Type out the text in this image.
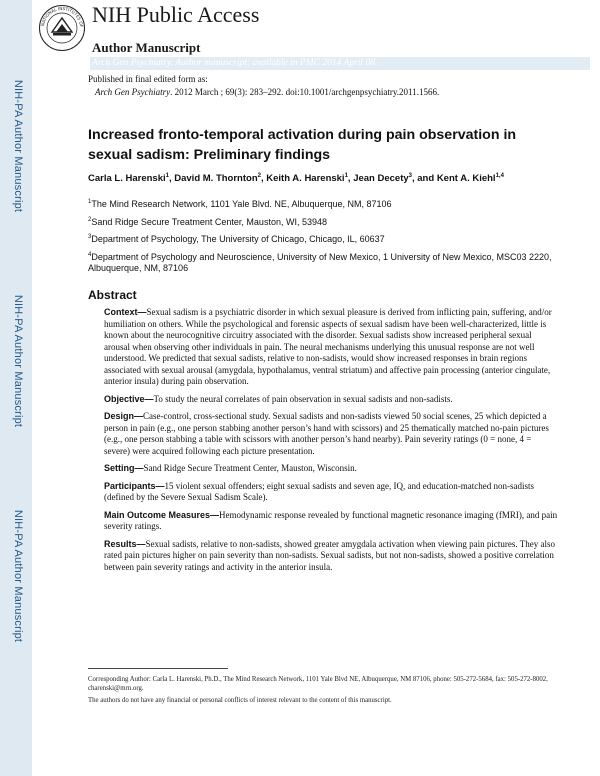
NIH-PA Author Manuscript
NIH-PA Author Manuscript
NIH-PA Author Manuscript
NATIONAL INSTITUTES OF NIH Public Access
Author Manuscript
Arch Gen Psychiatry. Author manuscript; available in PMC 2014 April 08.
Published in final edited form as:
Arch Gen Psychiatry. 2012 March ; 69(3): 283–292. doi:10.1001/archgenpsychiatry.2011.1566.
Increased fronto-temporal activation during pain observation in sexual sadism: Preliminary findings
Carla L. Harenski$^1$, David M. Thornton$^2$, Keith A. Harenski$^1$, Jean Decety$^3$, and Kent A. Kiehl$^{1,4}$
$^1$The Mind Research Network, 1101 Yale Blvd. NE, Albuquerque, NM, 87106
$^2$Sand Ridge Secure Treatment Center, Mauston, WI, 53948
$^3$Department of Psychology, The University of Chicago, Chicago, IL, 60637
$^4$Department of Psychology and Neuroscience, University of New Mexico, 1 University of New Mexico, MSC03 2220, Albuquerque, NM, 87106
Abstract
Context—Sexual sadism is a psychiatric disorder in which sexual pleasure is derived from inflicting pain, suffering, and/or humiliation on others. While the psychological and forensic aspects of sexual sadism have been well-characterized, little is known about the neurocognitive circuitry associated with the disorder. Sexual sadists show increased peripheral sexual arousal when observing other individuals in pain. The neural mechanisms underlying this unusual response are not well understood. We predicted that sexual sadists, relative to non-sadists, would show increased responses in brain regions associated with sexual arousal (amygdala, hypothalamus, ventral striatum) and affective pain processing (anterior cingulate, anterior insula) during pain observation.
Objective—To study the neural correlates of pain observation in sexual sadists and non-sadists.
Design—Case-control, cross-sectional study. Sexual sadists and non-sadists viewed 50 social scenes, 25 which depicted a person in pain (e.g., one person stabbing another person’s hand with scissors) and 25 thematically matched no-pain pictures (e.g., one person stabbing a table with scissors with another person’s hand nearby). Pain severity ratings (0 = none, 4 = severe) were acquired following each picture presentation.
Setting—Sand Ridge Secure Treatment Center, Mauston, Wisconsin.
Participants—15 violent sexual offenders; eight sexual sadists and seven age, IQ, and education-matched non-sadists (defined by the Severe Sexual Sadism Scale).
Main Outcome Measures—Hemodynamic response revealed by functional magnetic resonance imaging (fMRI), and pain severity ratings.
Results—Sexual sadists, relative to non-sadists, showed greater amygdala activation when viewing pain pictures. They also rated pain pictures higher on pain severity than non-sadists. Sexual sadists, but not non-sadists, showed a positive correlation between pain severity ratings and activity in the anterior insula.
Corresponding Author: Carla L. Harenski, Ph.D., The Mind Research Network, 1101 Yale Blvd NE, Albuquerque, NM 87106, phone: 505-272-5684, fax: 505-272-8002, charenski@mrn.org.
The authors do not have any financial or personal conflicts of interest relevant to the content of this manuscript.
